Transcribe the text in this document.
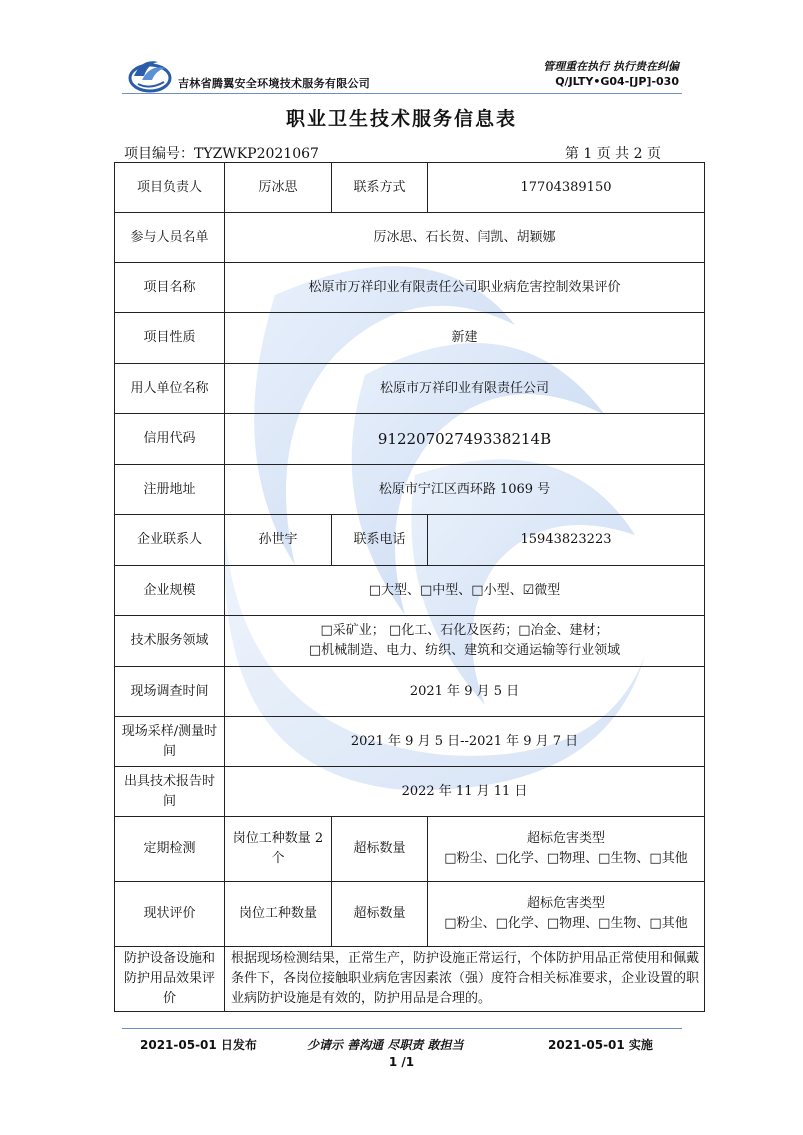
吉林省腾翼安全环境技术服务有限公司
管理重在执行 执行贵在纠偏
Q/JLTY•G04-[JP]-030
职业卫生技术服务信息表
项目编号：TYZWKP2021067	第 1 页 共 2 页
项目负责人	厉冰思	联系方式	17704389150
参与人员名单	厉冰思、石长贺、闫凯、胡颖娜		
项目名称	松原市万祥印业有限责任公司职业病危害控制效果评价		
项目性质	新建		
用人单位名称	松原市万祥印业有限责任公司		
信用代码	91220702749338214B		
注册地址	松原市宁江区西环路 1069 号		
企业联系人	孙世宇	联系电话	15943823223
企业规模	□大型、□中型、□小型、☑微型		
技术服务领域	□采矿业； □化工、石化及医药；□冶金、建材；
□机械制造、电力、纺织、建筑和交通运输等行业领域		

现场调查时间	2021 年 9 月 5 日		
现场采样/测量时间	2021 年 9 月 5 日--2021 年 9 月 7 日		
出具技术报告时间	2022 年 11 月 11 日		
定期检测	岗位工种数量 2 个	超标数量	超标危害类型
□粉尘、□化学、□物理、□生物、□其他

现状评价	岗位工种数量	超标数量	超标危害类型
□粉尘、□化学、□物理、□生物、□其他

防护设备设施和防护用品效果评价	根据现场检测结果，正常生产，防护设施正常运行，个体防护用品正常使用和佩戴条件下，各岗位接触职业病危害因素浓（强）度符合相关标准要求，企业设置的职业病防护设施是有效的，防护用品是合理的。		
2021-05-01 日发布	少请示 善沟通 尽职责 敢担当	2021-05-01 实施
1 /1
